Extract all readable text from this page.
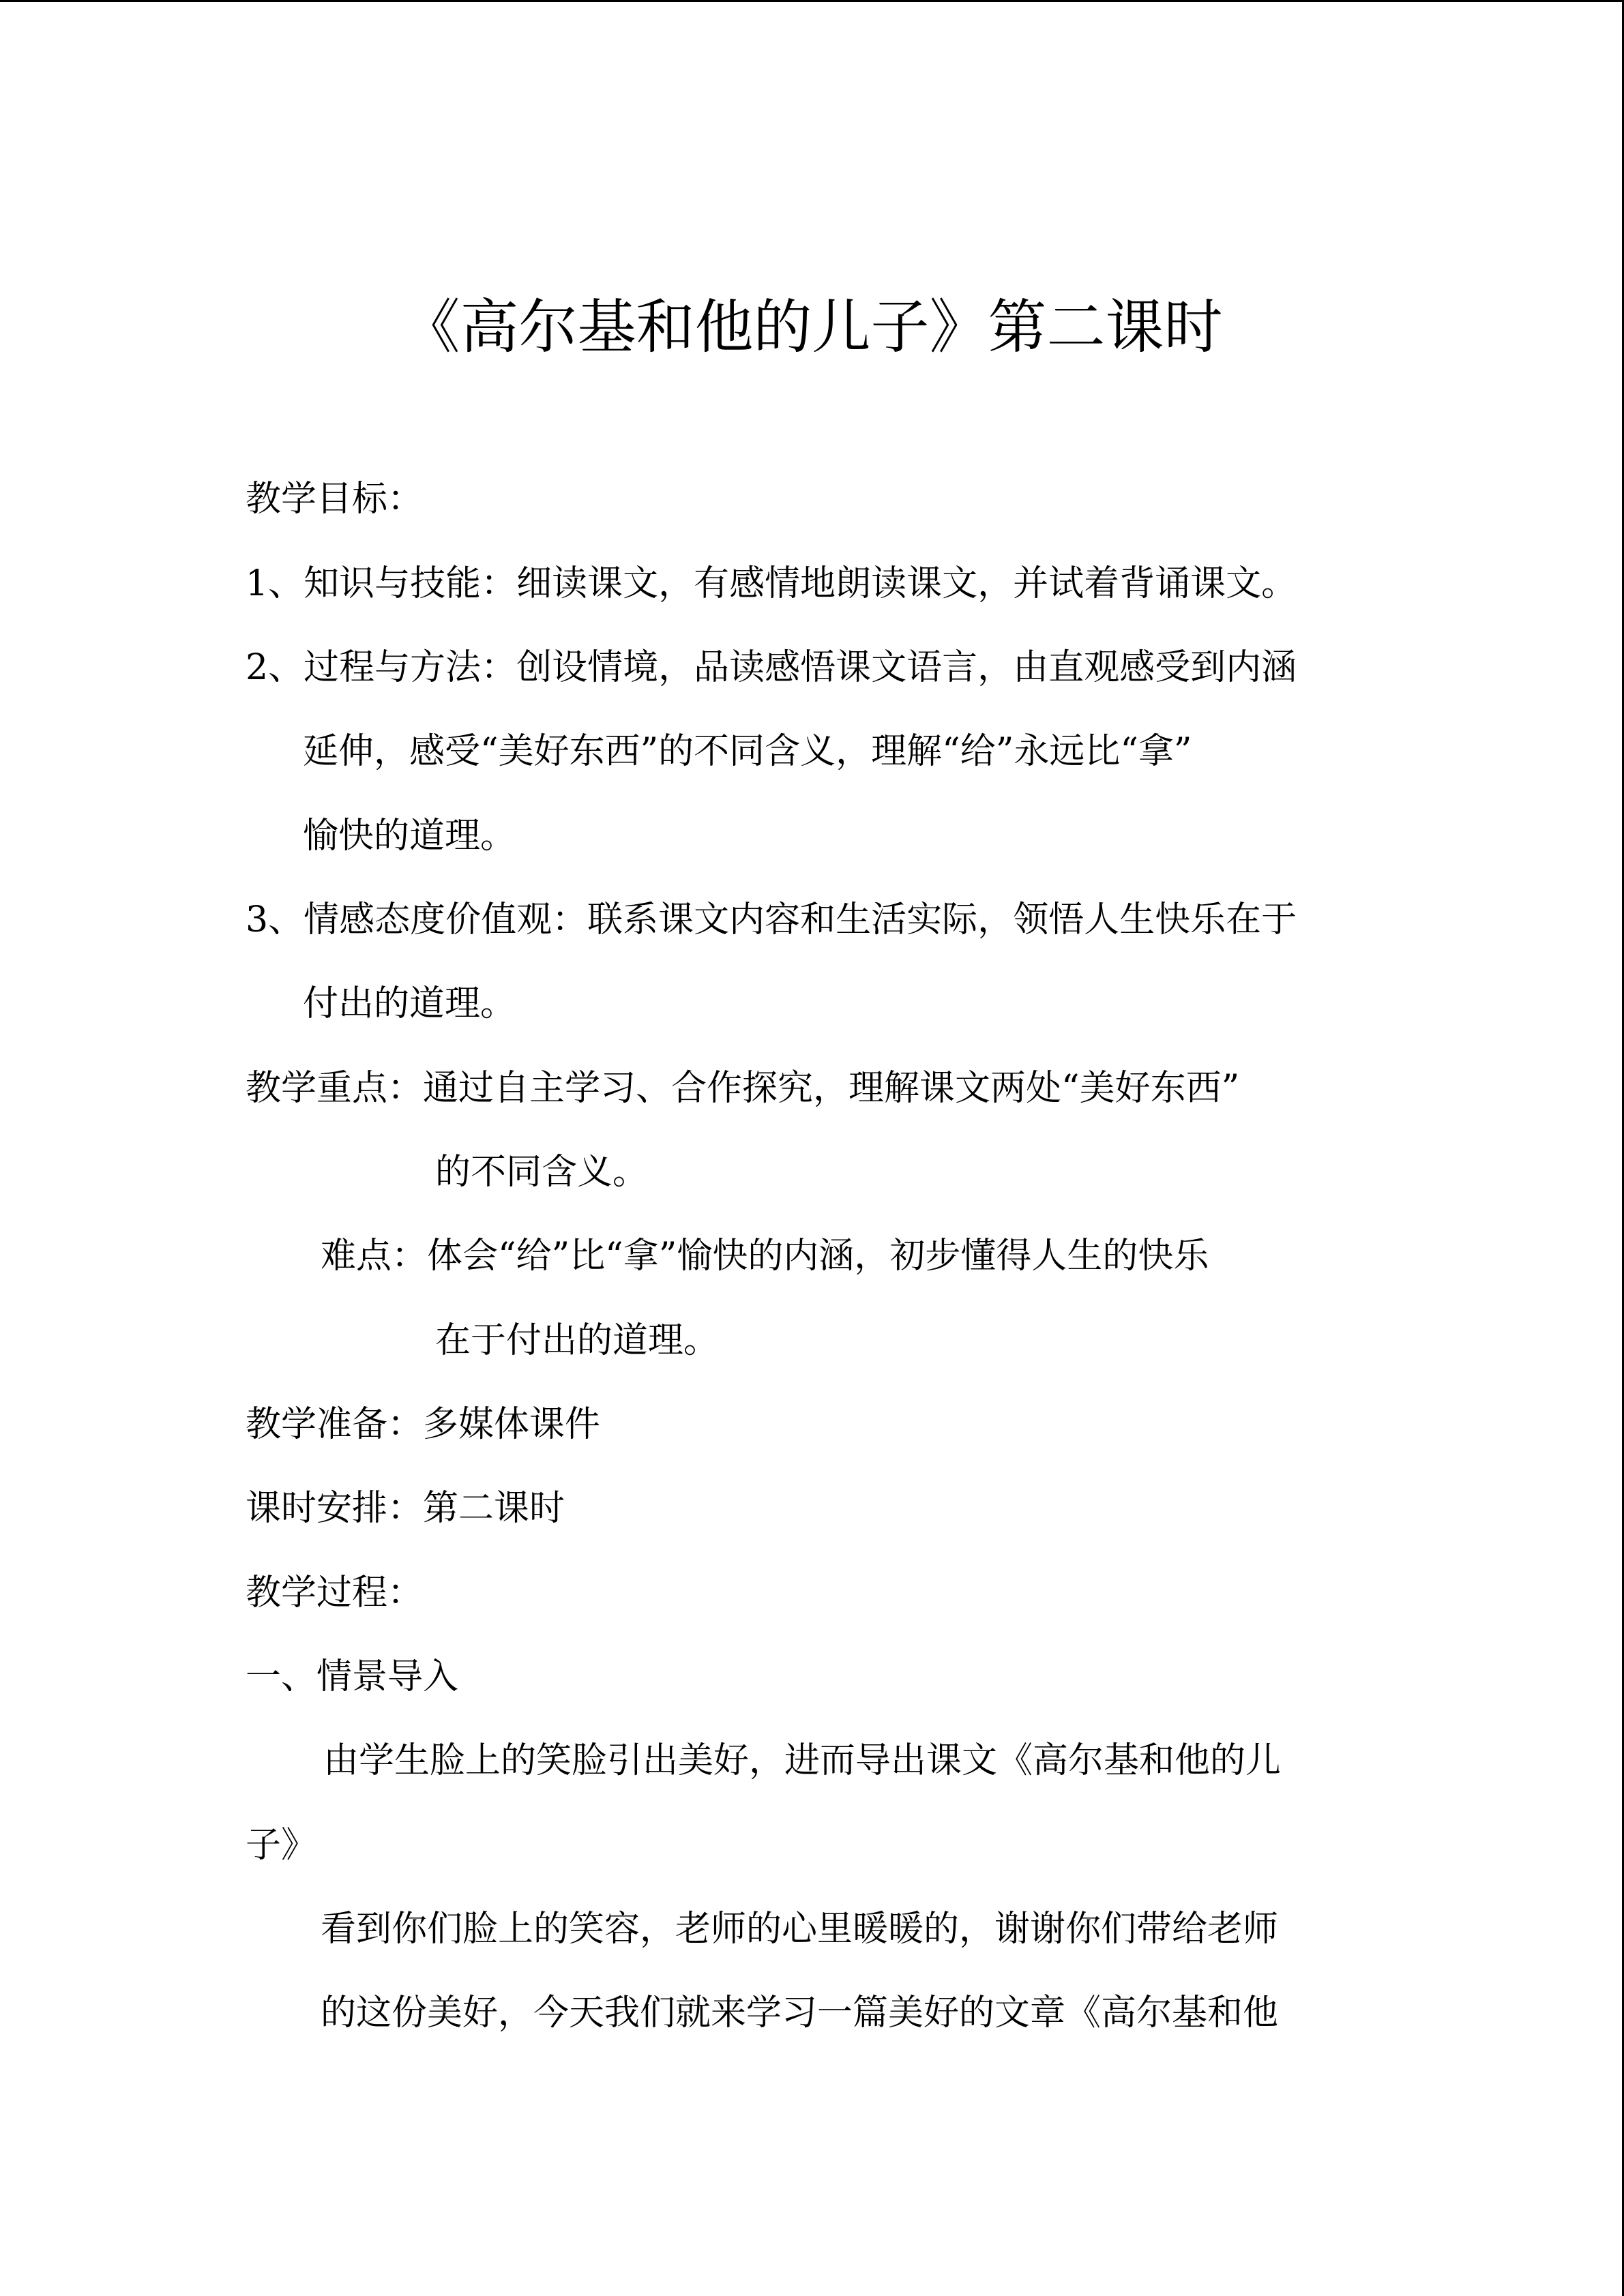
《高尔基和他的儿子》第二课时

教学目标：

1、知识与技能：细读课文，有感情地朗读课文，并试着背诵课文。

2、过程与方法：创设情境，品读感悟课文语言，由直观感受到内涵

延伸，感受“美好东西”的不同含义，理解“给”永远比“拿”

愉快的道理。

3、情感态度价值观：联系课文内容和生活实际，领悟人生快乐在于

付出的道理。

教学重点：通过自主学习、合作探究，理解课文两处“美好东西”

的不同含义。

难点：体会“给”比“拿”愉快的内涵，初步懂得人生的快乐

在于付出的道理。

教学准备：多媒体课件

课时安排：第二课时

教学过程：

一、情景导入

由学生脸上的笑脸引出美好，进而导出课文《高尔基和他的儿

子》

看到你们脸上的笑容，老师的心里暖暖的，谢谢你们带给老师

的这份美好，今天我们就来学习一篇美好的文章《高尔基和他
